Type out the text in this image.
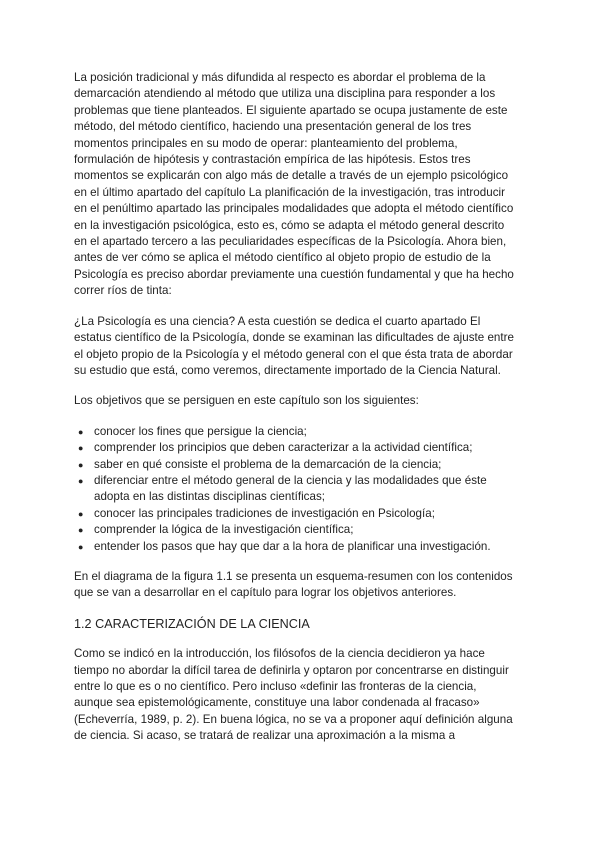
La posición tradicional y más difundida al respecto es abordar el problema de la demarcación atendiendo al método que utiliza una disciplina para responder a los problemas que tiene planteados. El siguiente apartado se ocupa justamente de este método, del método científico, haciendo una presentación general de los tres momentos principales en su modo de operar: planteamiento del problema, formulación de hipótesis y contrastación empírica de las hipótesis. Estos tres momentos se explicarán con algo más de detalle a través de un ejemplo psicológico en el último apartado del capítulo La planificación de la investigación, tras introducir en el penúltimo apartado las principales modalidades que adopta el método científico en la investigación psicológica, esto es, cómo se adapta el método general descrito en el apartado tercero a las peculiaridades específicas de la Psicología. Ahora bien, antes de ver cómo se aplica el método científico al objeto propio de estudio de la Psicología es preciso abordar previamente una cuestión fundamental y que ha hecho correr ríos de tinta:

¿La Psicología es una ciencia? A esta cuestión se dedica el cuarto apartado El estatus científico de la Psicología, donde se examinan las dificultades de ajuste entre el objeto propio de la Psicología y el método general con el que ésta trata de abordar su estudio que está, como veremos, directamente importado de la Ciencia Natural.

Los objetivos que se persiguen en este capítulo son los siguientes:

● conocer los fines que persigue la ciencia;
● comprender los principios que deben caracterizar a la actividad científica;
● saber en qué consiste el problema de la demarcación de la ciencia;
● diferenciar entre el método general de la ciencia y las modalidades que éste adopta en las distintas disciplinas científicas;
● conocer las principales tradiciones de investigación en Psicología;
● comprender la lógica de la investigación científica;
● entender los pasos que hay que dar a la hora de planificar una investigación.

En el diagrama de la figura 1.1 se presenta un esquema-resumen con los contenidos que se van a desarrollar en el capítulo para lograr los objetivos anteriores.

1.2 CARACTERIZACIÓN DE LA CIENCIA

Como se indicó en la introducción, los filósofos de la ciencia decidieron ya hace tiempo no abordar la difícil tarea de definirla y optaron por concentrarse en distinguir entre lo que es o no científico. Pero incluso «definir las fronteras de la ciencia, aunque sea epistemológicamente, constituye una labor condenada al fracaso» (Echeverría, 1989, p. 2). En buena lógica, no se va a proponer aquí definición alguna de ciencia. Si acaso, se tratará de realizar una aproximación a la misma a
